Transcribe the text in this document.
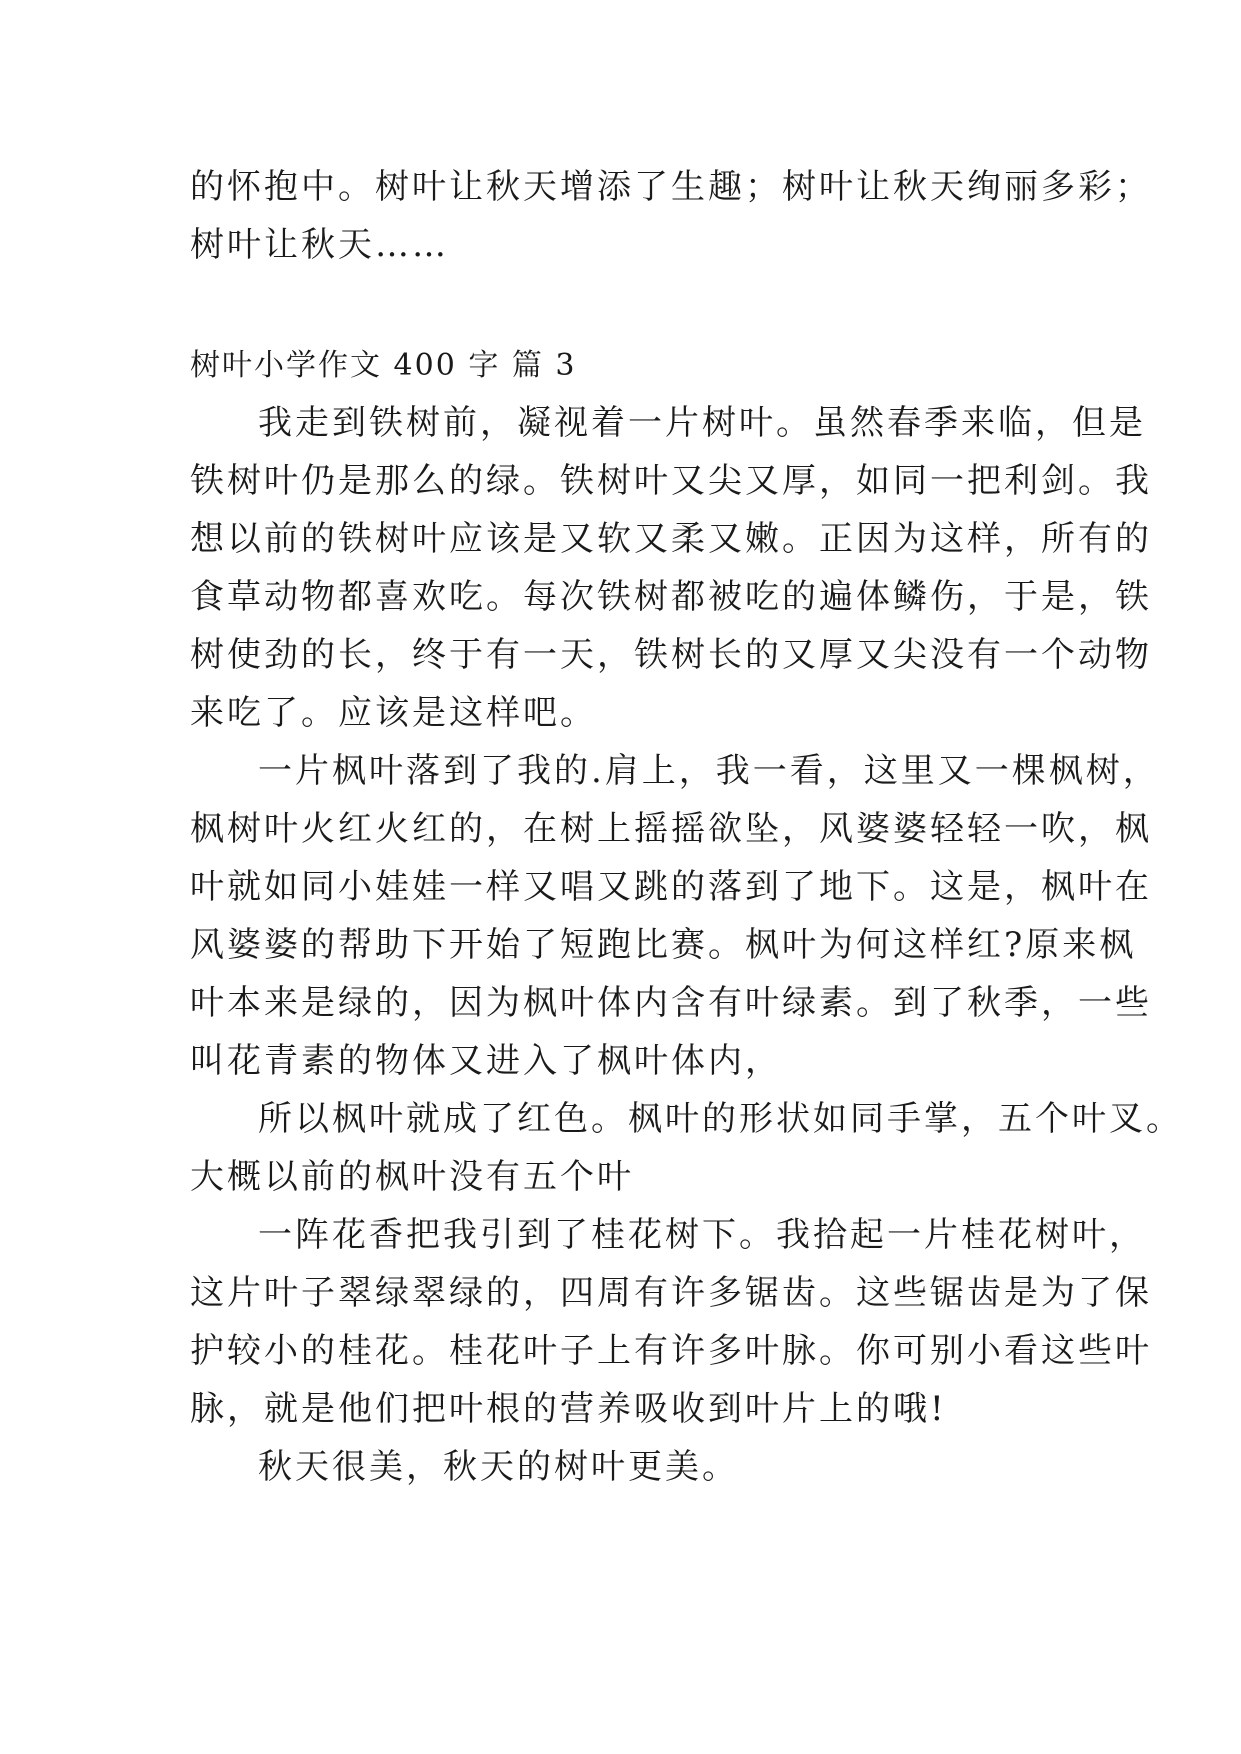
的怀抱中。树叶让秋天增添了生趣；树叶让秋天绚丽多彩；
树叶让秋天……
树叶小学作文 400 字 篇 3
我走到铁树前，凝视着一片树叶。虽然春季来临，但是
铁树叶仍是那么的绿。铁树叶又尖又厚，如同一把利剑。我
想以前的铁树叶应该是又软又柔又嫩。正因为这样，所有的
食草动物都喜欢吃。每次铁树都被吃的遍体鳞伤，于是，铁
树使劲的长，终于有一天，铁树长的又厚又尖没有一个动物
来吃了。应该是这样吧。
一片枫叶落到了我的.肩上，我一看，这里又一棵枫树，
枫树叶火红火红的，在树上摇摇欲坠，风婆婆轻轻一吹，枫
叶就如同小娃娃一样又唱又跳的落到了地下。这是，枫叶在
风婆婆的帮助下开始了短跑比赛。枫叶为何这样红?原来枫
叶本来是绿的，因为枫叶体内含有叶绿素。到了秋季，一些
叫花青素的物体又进入了枫叶体内，
所以枫叶就成了红色。枫叶的形状如同手掌，五个叶叉。
大概以前的枫叶没有五个叶
一阵花香把我引到了桂花树下。我拾起一片桂花树叶，
这片叶子翠绿翠绿的，四周有许多锯齿。这些锯齿是为了保
护较小的桂花。桂花叶子上有许多叶脉。你可别小看这些叶
脉，就是他们把叶根的营养吸收到叶片上的哦!
秋天很美，秋天的树叶更美。
